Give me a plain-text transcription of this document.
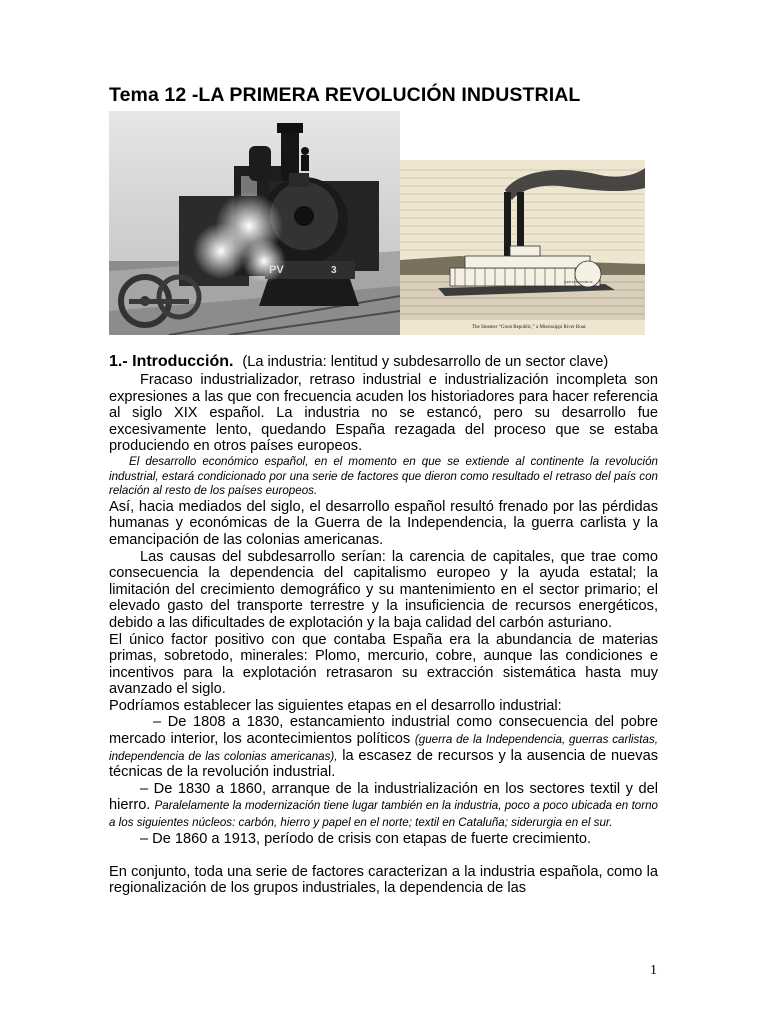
Tema 12 -LA PRIMERA REVOLUCIÓN INDUSTRIAL
PV	3
GREAT REPUBLIC
The Steamer “Great Republic,” a Mississippi River Boat.

1.- Introducción. (La industria: lentitud y subdesarrollo de un sector clave)

Fracaso industrializador, retraso industrial e industrialización incompleta son expresiones a las que con frecuencia acuden los historiadores para hacer referencia al siglo XIX español. La industria no se estancó, pero su desarrollo fue excesivamente lento, quedando España rezagada del proceso que se estaba produciendo en otros países europeos.

El desarrollo económico español, en el momento en que se extiende al continente la revolución industrial, estará condicionado por una serie de factores que dieron como resultado el retraso del país con relación al resto de los países europeos.

Así, hacia mediados del siglo, el desarrollo español resultó frenado por las pérdidas humanas y económicas de la Guerra de la Independencia, la guerra carlista y la emancipación de las colonias americanas.

Las causas del subdesarrollo serían: la carencia de capitales, que trae como consecuencia la dependencia del capitalismo europeo y la ayuda estatal; la limitación del crecimiento demográfico y su mantenimiento en el sector primario; el elevado gasto del transporte terrestre y la insuficiencia de recursos energéticos, debido a las dificultades de explotación y la baja calidad del carbón asturiano.

El único factor positivo con que contaba España era la abundancia de materias primas, sobretodo, minerales: Plomo, mercurio, cobre, aunque las condiciones e incentivos para la explotación retrasaron su extracción sistemática hasta muy avanzado el siglo.

Podríamos establecer las siguientes etapas en el desarrollo industrial:

– De 1808 a 1830, estancamiento industrial como consecuencia del pobre mercado interior, los acontecimientos políticos (guerra de la Independencia, guerras carlistas, independencia de las colonias americanas), la escasez de recursos y la ausencia de nuevas técnicas de la revolución industrial.

– De 1830 a 1860, arranque de la industrialización en los sectores textil y del hierro. Paralelamente la modernización tiene lugar también en la industria, poco a poco ubicada en torno a los siguientes núcleos: carbón, hierro y papel en el norte; textil en Cataluña; siderurgia en el sur.

– De 1860 a 1913, período de crisis con etapas de fuerte crecimiento.

En conjunto, toda una serie de factores caracterizan a la industria española, como la regionalización de los grupos industriales, la dependencia de las

1
